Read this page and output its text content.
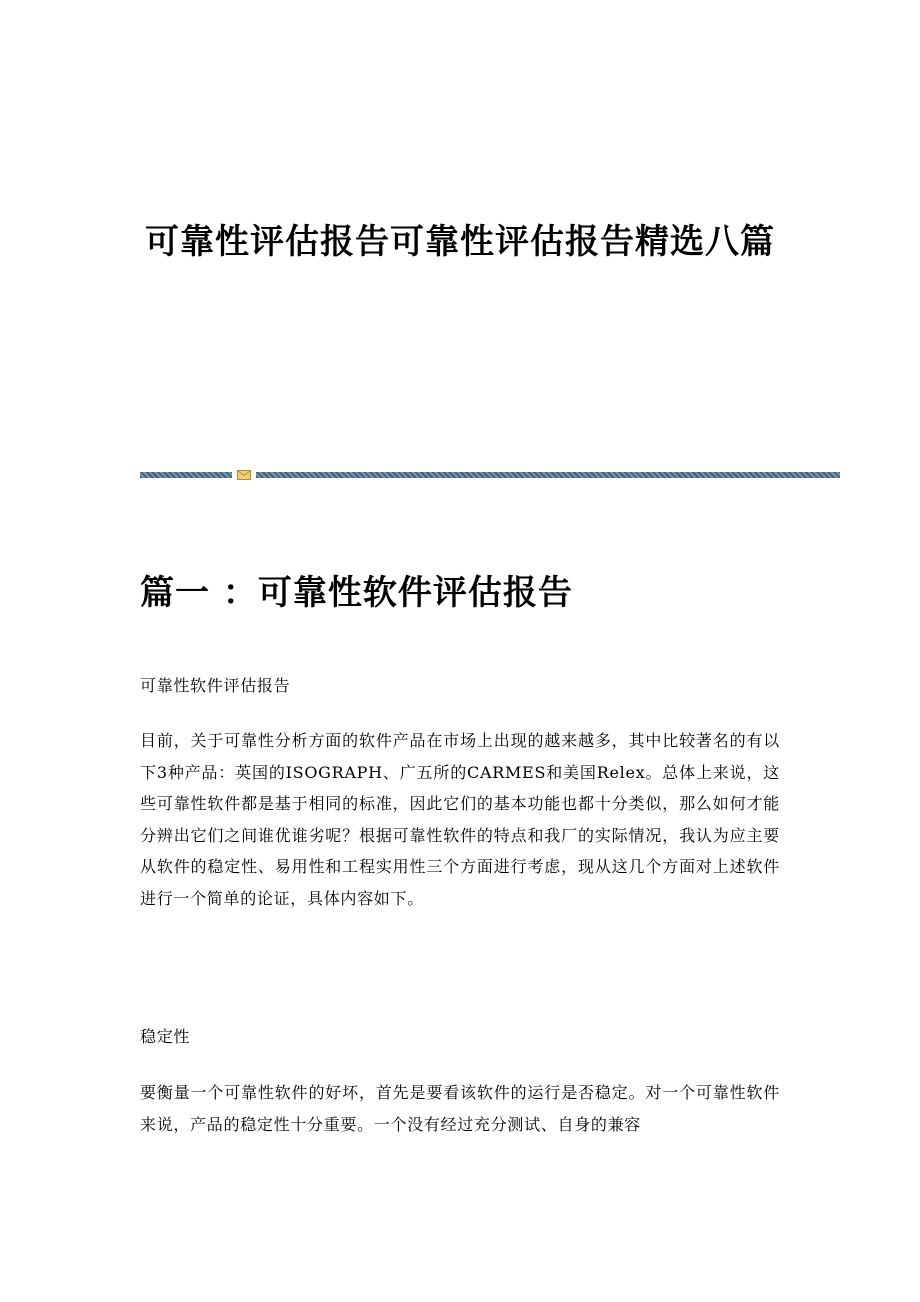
可靠性评估报告可靠性评估报告精选八篇
篇一 ：可靠性软件评估报告

可靠性软件评估报告

目前，关于可靠性分析方面的软件产品在市场上出现的越来越多，其中比较著名的有以下3种产品：英国的ISOGRAPH、广五所的CARMES和美国Relex。总体上来说，这些可靠性软件都是基于相同的标准，因此它们的基本功能也都十分类似，那么如何才能分辨出它们之间谁优谁劣呢？根据可靠性软件的特点和我厂的实际情况，我认为应主要从软件的稳定性、易用性和工程实用性三个方面进行考虑，现从这几个方面对上述软件进行一个简单的论证，具体内容如下。

稳定性

要衡量一个可靠性软件的好坏，首先是要看该软件的运行是否稳定。对一个可靠性软件来说，产品的稳定性十分重要。一个没有经过充分测试、自身的兼容
